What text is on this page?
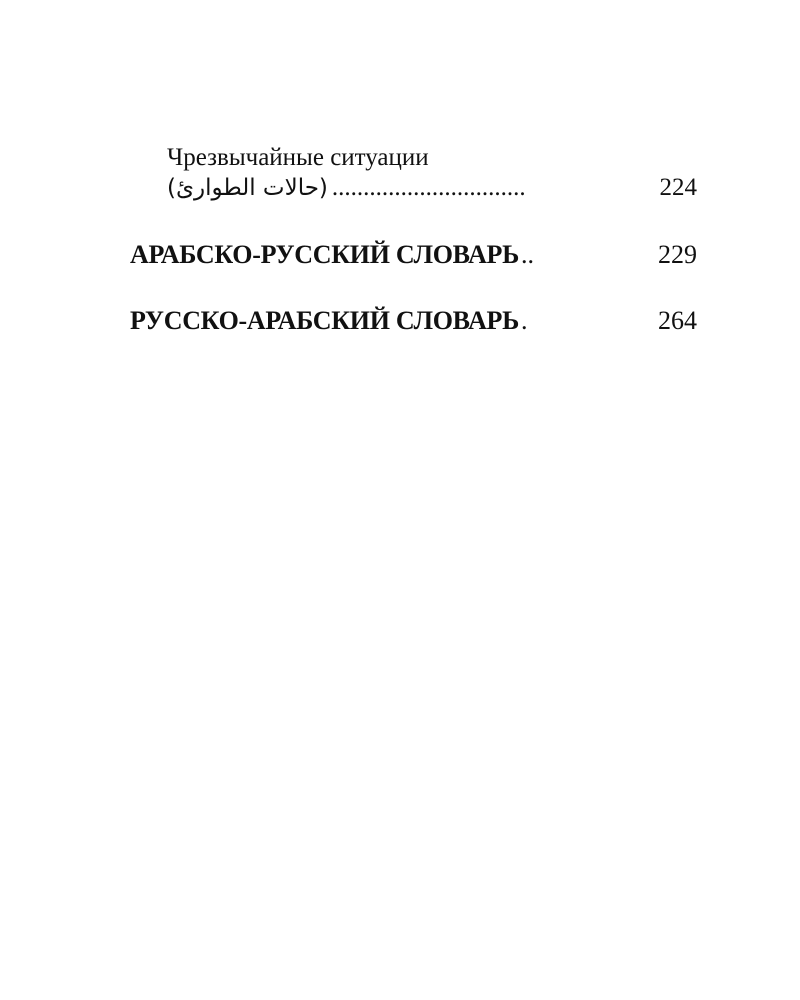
Чрезвычайные ситуации
(حالات الطوارئ) ...............................	224
АРАБСКО-РУССКИЙ СЛОВАРЬ ..	229
РУССКО-АРАБСКИЙ СЛОВАРЬ .	264
